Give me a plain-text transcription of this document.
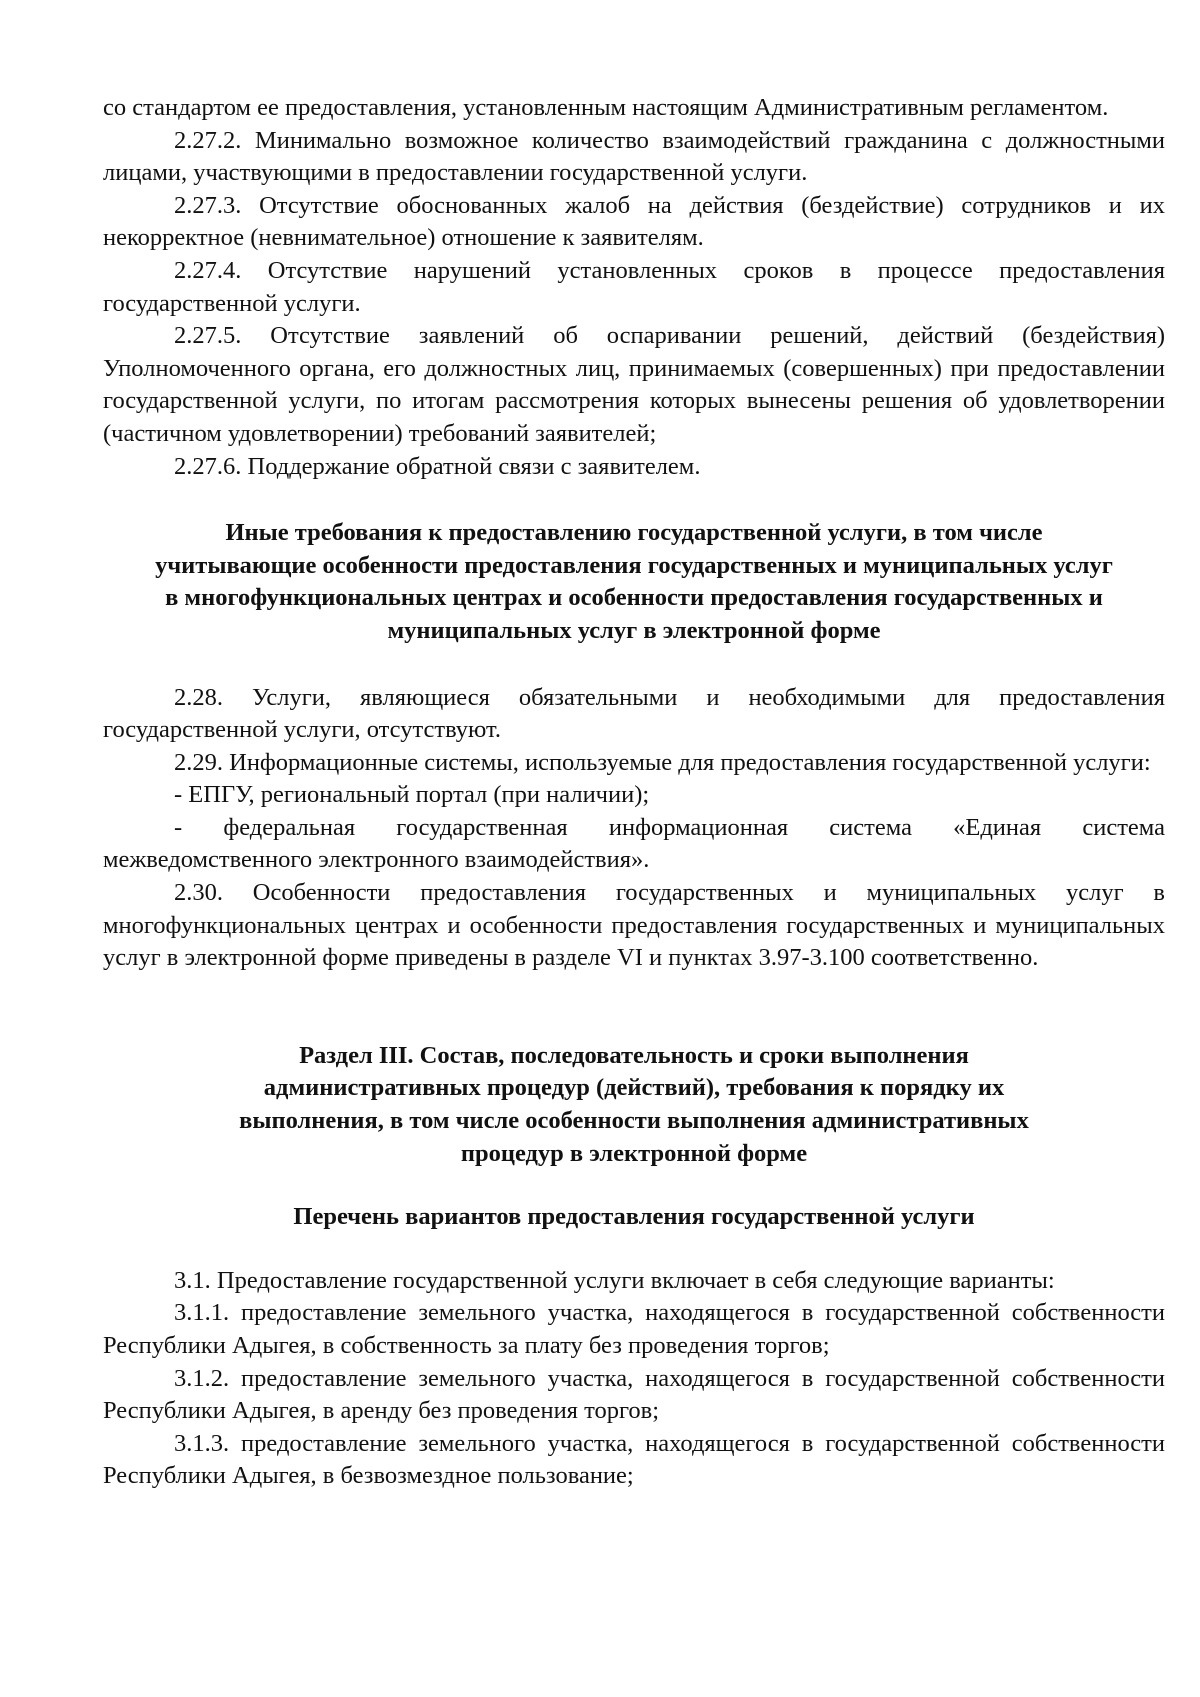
со стандартом ее предоставления, установленным настоящим Административным регламентом.

2.27.2. Минимально возможное количество взаимодействий гражданина с должностными лицами, участвующими в предоставлении государственной услуги.

2.27.3. Отсутствие обоснованных жалоб на действия (бездействие) сотрудников и их некорректное (невнимательное) отношение к заявителям.

2.27.4. Отсутствие нарушений установленных сроков в процессе предоставления государственной услуги.

2.27.5. Отсутствие заявлений об оспаривании решений, действий (бездействия) Уполномоченного органа, его должностных лиц, принимаемых (совершенных) при предоставлении государственной услуги, по итогам рассмотрения которых вынесены решения об удовлетворении (частичном удовлетворении) требований заявителей;

2.27.6. Поддержание обратной связи с заявителем.

Иные требования к предоставлению государственной услуги, в том числе учитывающие особенности предоставления государственных и муниципальных услуг в многофункциональных центрах и особенности предоставления государственных и муниципальных услуг в электронной форме

2.28. Услуги, являющиеся обязательными и необходимыми для предоставления государственной услуги, отсутствуют.

2.29. Информационные системы, используемые для предоставления государственной услуги:

- ЕПГУ, региональный портал (при наличии);

- федеральная государственная информационная система «Единая система межведомственного электронного взаимодействия».

2.30. Особенности предоставления государственных и муниципальных услуг в многофункциональных центрах и особенности предоставления государственных и муниципальных услуг в электронной форме приведены в разделе VI и пунктах 3.97-3.100 соответственно.

Раздел III. Состав, последовательность и сроки выполнения административных процедур (действий), требования к порядку их выполнения, в том числе особенности выполнения административных процедур в электронной форме

Перечень вариантов предоставления государственной услуги

3.1. Предоставление государственной услуги включает в себя следующие варианты:

3.1.1. предоставление земельного участка, находящегося в государственной собственности Республики Адыгея, в собственность за плату без проведения торгов;

3.1.2. предоставление земельного участка, находящегося в государственной собственности Республики Адыгея, в аренду без проведения торгов;

3.1.3. предоставление земельного участка, находящегося в государственной собственности Республики Адыгея, в безвозмездное пользование;
